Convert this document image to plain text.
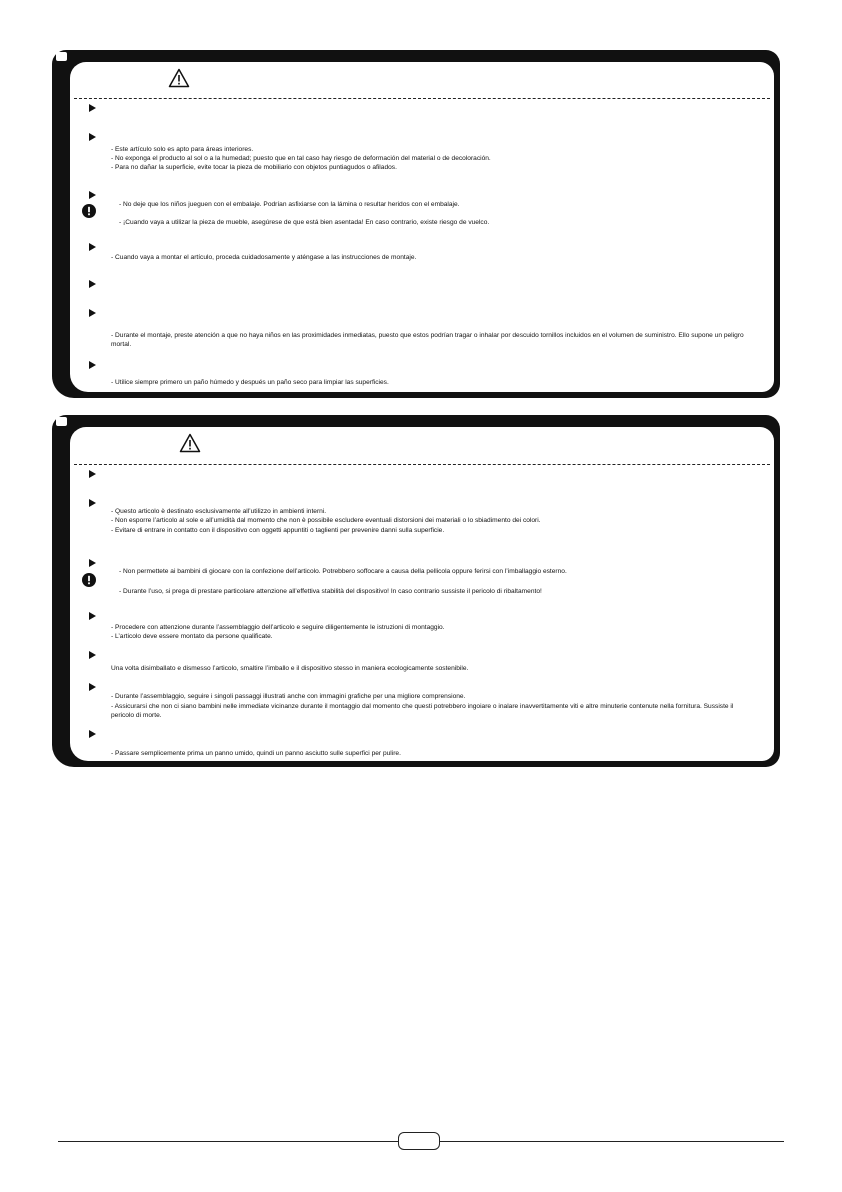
- Este artículo solo es apto para áreas interiores.
- No exponga el producto al sol o a la humedad; puesto que en tal caso hay riesgo de deformación del material o de decoloración.
- Para no dañar la superficie, evite tocar la pieza de mobiliario con objetos puntiagudos o afilados.
- No deje que los niños jueguen con el embalaje. Podrían asfixiarse con la lámina o resultar heridos con el embalaje.
- ¡Cuando vaya a utilizar la pieza de mueble, asegúrese de que está bien asentada! En caso contrario, existe riesgo de vuelco.
- Cuando vaya a montar el artículo, proceda cuidadosamente y aténgase a las instrucciones de montaje.
- Durante el montaje, preste atención a que no haya niños en las proximidades inmediatas, puesto que estos podrían tragar o inhalar por descuido tornillos incluidos en el volumen de suministro. Ello supone un peligro mortal.
- Utilice siempre primero un paño húmedo y después un paño seco para limpiar las superficies.
- Questo articolo è destinato esclusivamente all’utilizzo in ambienti interni.
- Non esporre l’articolo al sole e all’umidità dal momento che non è possibile escludere eventuali distorsioni dei materiali o lo sbiadimento dei colori.
- Evitare di entrare in contatto con il dispositivo con oggetti appuntiti o taglienti per prevenire danni sulla superficie.
- Non permettete ai bambini di giocare con la confezione dell’articolo. Potrebbero soffocare a causa della pellicola oppure ferirsi con l’imballaggio esterno.
- Durante l’uso, si prega di prestare particolare attenzione all’effettiva stabilità del dispositivo! In caso contrario sussiste il pericolo di ribaltamento!
- Procedere con attenzione durante l’assemblaggio dell’articolo e seguire diligentemente le istruzioni di montaggio.
- L’articolo deve essere montato da persone qualificate.
Una volta disimballato e dismesso l’articolo, smaltire l’imballo e il dispositivo stesso in maniera ecologicamente sostenibile.
- Durante l’assemblaggio, seguire i singoli passaggi illustrati anche con immagini grafiche per una migliore comprensione.
- Assicurarsi che non ci siano bambini nelle immediate vicinanze durante il montaggio dal momento che questi potrebbero ingoiare o inalare inavvertitamente viti e altre minuterie contenute nella fornitura. Sussiste il pericolo di morte.
- Passare semplicemente prima un panno umido, quindi un panno asciutto sulle superfici per pulire.
